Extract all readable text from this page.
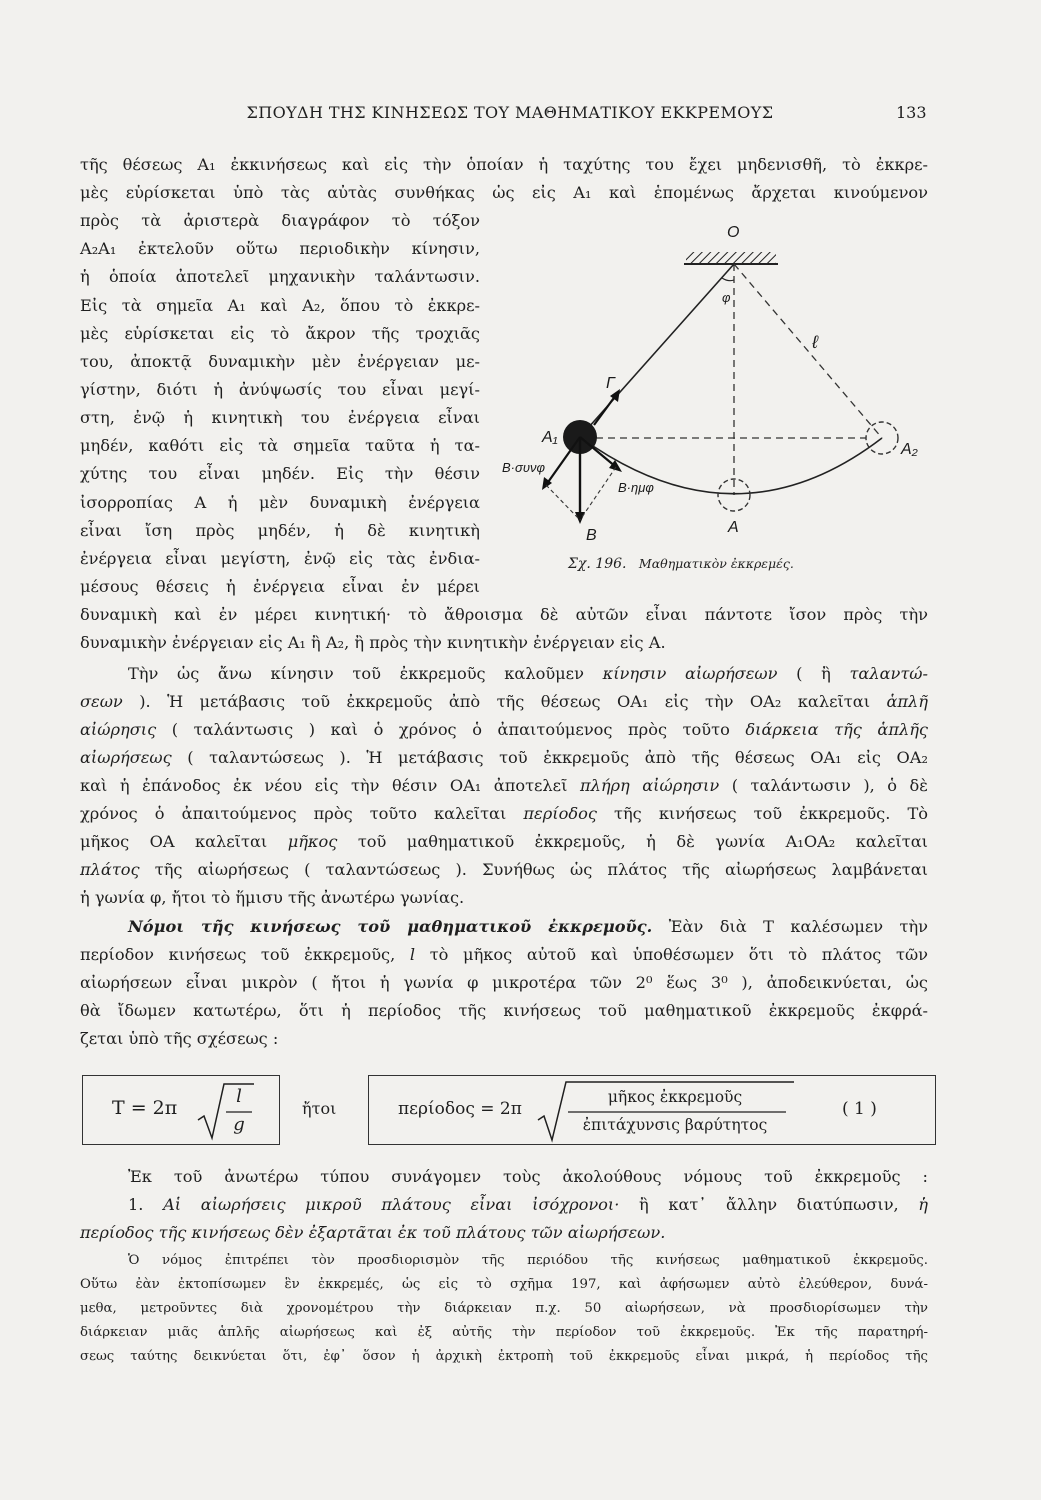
ΣΠΟΥΔΗ ΤΗΣ ΚΙΝΗΣΕΩΣ ΤΟΥ ΜΑΘΗΜΑΤΙΚΟΥ ΕΚΚΡΕΜΟΥΣ	133
τῆς θέσεως A₁ ἐκκινήσεως καὶ εἰς τὴν ὁποίαν ἡ ταχύτης του ἔχει μηδενισθῆ, τὸ ἐκκρε-
μὲς εὑρίσκεται ὑπὸ τὰς αὐτὰς συνθήκας ὡς εἰς A₁ καὶ ἑπομένως ἄρχεται κινούμενον
πρὸς τὰ ἀριστερὰ διαγράφον τὸ τόξον
A₂A₁ ἐκτελοῦν οὕτω περιοδικὴν κίνησιν,
ἡ ὁποία ἀποτελεῖ μηχανικὴν ταλάντωσιν.
Εἰς τὰ σημεῖα A₁ καὶ A₂, ὅπου τὸ ἐκκρε-
μὲς εὑρίσκεται εἰς τὸ ἄκρον τῆς τροχιᾶς
του, ἀποκτᾷ δυναμικὴν μὲν ἐνέργειαν με-
γίστην, διότι ἡ ἀνύψωσίς του εἶναι μεγί-
στη, ἐνῷ ἡ κινητικὴ του ἐνέργεια εἶναι
μηδέν, καθότι εἰς τὰ σημεῖα ταῦτα ἡ τα-
χύτης του εἶναι μηδέν. Εἰς τὴν θέσιν
ἰσορροπίας A ἡ μὲν δυναμικὴ ἐνέργεια
εἶναι ἴση πρὸς μηδέν, ἡ δὲ κινητικὴ
ἐνέργεια εἶναι μεγίστη, ἐνῷ εἰς τὰς ἐνδια-
μέσους θέσεις ἡ ἐνέργεια εἶναι ἐν μέρει
δυναμικὴ καὶ ἐν μέρει κινητική· τὸ ἄθροισμα δὲ αὐτῶν εἶναι πάντοτε ἴσον πρὸς τὴν
δυναμικὴν ἐνέργειαν εἰς A₁ ἢ A₂, ἢ πρὸς τὴν κινητικὴν ἐνέργειαν εἰς A.
O
φ
ℓ
Γ
A₁
A₂
A
B
B·συνφ
B·ημφ
Σχ. 196. Μαθηματικὸν ἐκκρεμές.
Τὴν ὡς ἄνω κίνησιν τοῦ ἐκκρεμοῦς καλοῦμεν κίνησιν αἰωρήσεων ( ἢ ταλαντώ-
σεων ). Ἡ μετάβασις τοῦ ἐκκρεμοῦς ἀπὸ τῆς θέσεως OA₁ εἰς τὴν OA₂ καλεῖται ἁπλῆ
αἰώρησις ( ταλάντωσις ) καὶ ὁ χρόνος ὁ ἀπαιτούμενος πρὸς τοῦτο διάρκεια τῆς ἁπλῆς
αἰωρήσεως ( ταλαντώσεως ). Ἡ μετάβασις τοῦ ἐκκρεμοῦς ἀπὸ τῆς θέσεως OA₁ εἰς OA₂
καὶ ἡ ἐπάνοδος ἐκ νέου εἰς τὴν θέσιν OA₁ ἀποτελεῖ πλήρη αἰώρησιν ( ταλάντωσιν ), ὁ δὲ
χρόνος ὁ ἀπαιτούμενος πρὸς τοῦτο καλεῖται περίοδος τῆς κινήσεως τοῦ ἐκκρεμοῦς. Τὸ
μῆκος OA καλεῖται μῆκος τοῦ μαθηματικοῦ ἐκκρεμοῦς, ἡ δὲ γωνία A₁OA₂ καλεῖται
πλάτος τῆς αἰωρήσεως ( ταλαντώσεως ). Συνήθως ὡς πλάτος τῆς αἰωρήσεως λαμβάνεται
ἡ γωνία φ, ἤτοι τὸ ἥμισυ τῆς ἀνωτέρω γωνίας.
Νόμοι τῆς κινήσεως τοῦ μαθηματικοῦ ἐκκρεμοῦς. Ἐὰν διὰ T καλέσωμεν τὴν
περίοδον κινήσεως τοῦ ἐκκρεμοῦς, l τὸ μῆκος αὐτοῦ καὶ ὑποθέσωμεν ὅτι τὸ πλάτος τῶν
αἰωρήσεων εἶναι μικρὸν ( ἤτοι ἡ γωνία φ μικροτέρα τῶν 2⁰ ἕως 3⁰ ), ἀποδεικνύεται, ὡς
θὰ ἴδωμεν κατωτέρω, ὅτι ἡ περίοδος τῆς κινήσεως τοῦ μαθηματικοῦ ἐκκρεμοῦς ἐκφρά-
ζεται ὑπὸ τῆς σχέσεως :
T = 2π
l
g
ἤτοι	περίοδος = 2π
μῆκος ἐκκρεμοῦς
ἐπιτάχυνσις βαρύτητος
( 1 )
Ἐκ τοῦ ἀνωτέρω τύπου συνάγομεν τοὺς ἀκολούθους νόμους τοῦ ἐκκρεμοῦς :
1. Αἱ αἰωρήσεις μικροῦ πλάτους εἶναι ἰσόχρονοι· ἢ κατ᾽ ἄλλην διατύπωσιν, ἡ
περίοδος τῆς κινήσεως δὲν ἐξαρτᾶται ἐκ τοῦ πλάτους τῶν αἰωρήσεων.
Ὁ νόμος ἐπιτρέπει τὸν προσδιορισμὸν τῆς περιόδου τῆς κινήσεως μαθηματικοῦ ἐκκρεμοῦς.
Οὕτω ἐὰν ἐκτοπίσωμεν ἓν ἐκκρεμές, ὡς εἰς τὸ σχῆμα 197, καὶ ἀφήσωμεν αὐτὸ ἐλεύθερον, δυνά-
μεθα, μετροῦντες διὰ χρονομέτρου τὴν διάρκειαν π.χ. 50 αἰωρήσεων, νὰ προσδιορίσωμεν τὴν
διάρκειαν μιᾶς ἁπλῆς αἰωρήσεως καὶ ἐξ αὐτῆς τὴν περίοδον τοῦ ἐκκρεμοῦς. Ἐκ τῆς παρατηρή-
σεως ταύτης δεικνύεται ὅτι, ἐφ᾽ ὅσον ἡ ἀρχικὴ ἐκτροπὴ τοῦ ἐκκρεμοῦς εἶναι μικρά, ἡ περίοδος τῆς
